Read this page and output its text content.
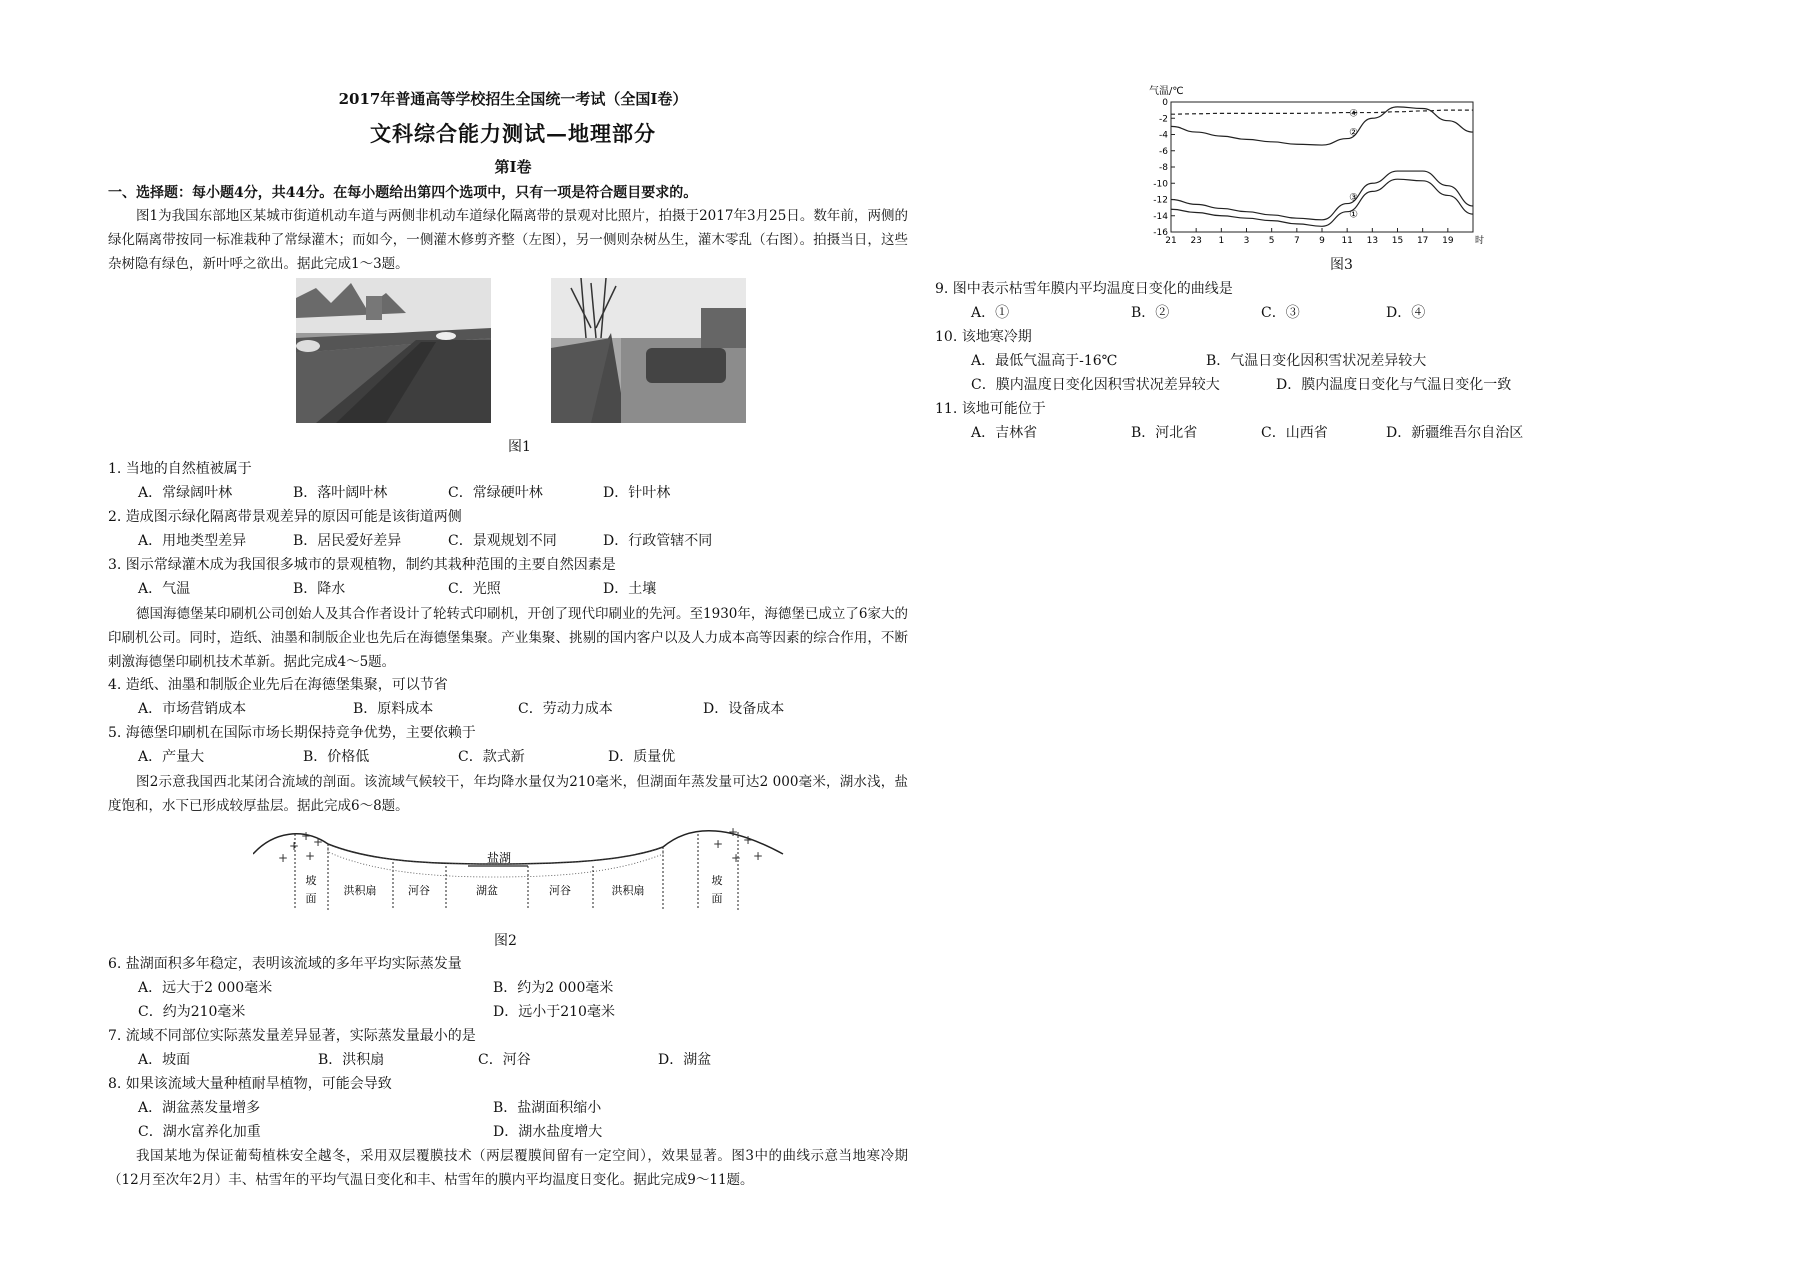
2017年普通高等学校招生全国统一考试（全国Ⅰ卷）
文科综合能力测试—地理部分
第Ⅰ卷
一、选择题：每小题4分，共44分。在每小题给出第四个选项中，只有一项是符合题目要求的。
图1为我国东部地区某城市街道机动车道与两侧非机动车道绿化隔离带的景观对比照片，拍摄于2017年3月25日。数年前，两侧的绿化隔离带按同一标准栽种了常绿灌木；而如今，一侧灌木修剪齐整（左图），另一侧则杂树丛生，灌木零乱（右图）。拍摄当日，这些杂树隐有绿色，新叶呼之欲出。据此完成1～3题。
图1
1. 当地的自然植被属于
A．常绿阔叶林	B．落叶阔叶林	C．常绿硬叶林	D．针叶林
2. 造成图示绿化隔离带景观差异的原因可能是该街道两侧
A．用地类型差异	B．居民爱好差异	C．景观规划不同	D．行政管辖不同
3. 图示常绿灌木成为我国很多城市的景观植物，制约其栽种范围的主要自然因素是
A．气温	B．降水	C．光照	D．土壤
德国海德堡某印刷机公司创始人及其合作者设计了轮转式印刷机，开创了现代印刷业的先河。至1930年，海德堡已成立了6家大的印刷机公司。同时，造纸、油墨和制版企业也先后在海德堡集聚。产业集聚、挑剔的国内客户以及人力成本高等因素的综合作用，不断刺激海德堡印刷机技术革新。据此完成4～5题。
4. 造纸、油墨和制版企业先后在海德堡集聚，可以节省
A．市场营销成本	B．原料成本	C．劳动力成本	D．设备成本
5. 海德堡印刷机在国际市场长期保持竞争优势，主要依赖于
A．产量大	B．价格低	C．款式新	D．质量优
图2示意我国西北某闭合流域的剖面。该流域气候较干，年均降水量仅为210毫米，但湖面年蒸发量可达2 000毫米，湖水浅，盐度饱和，水下已形成较厚盐层。据此完成6～8题。
盐湖
+ +
+
+ +
+
+
+
+
+
坡
面
洪积扇	河谷	湖盆	河谷	洪积扇
坡
面
图2
6. 盐湖面积多年稳定，表明该流域的多年平均实际蒸发量
A．远大于2 000毫米	B．约为2 000毫米
C．约为210毫米	D．远小于210毫米
7. 流域不同部位实际蒸发量差异显著，实际蒸发量最小的是
A．坡面	B．洪积扇	C．河谷	D．湖盆
8. 如果该流域大量种植耐旱植物，可能会导致
A．湖盆蒸发量增多	B．盐湖面积缩小
C．湖水富养化加重	D．湖水盐度增大
我国某地为保证葡萄植株安全越冬，采用双层覆膜技术（两层覆膜间留有一定空间），效果显著。图3中的曲线示意当地寒冷期（12月至次年2月）丰、枯雪年的平均气温日变化和丰、枯雪年的膜内平均温度日变化。据此完成9～11题。
气温/℃
0
-2
-4
-6
-8
-10
-12
-14
-16
21 23 1 3 5 7 9 11 13 15 17 19 时
①
②
③
④
图3
9. 图中表示枯雪年膜内平均温度日变化的曲线是
A．①	B．②	C．③	D．④
10. 该地寒冷期
A．最低气温高于-16℃	B．气温日变化因积雪状况差异较大
C．膜内温度日变化因积雪状况差异较大	D．膜内温度日变化与气温日变化一致
11. 该地可能位于
A．吉林省	B．河北省	C．山西省	D．新疆维吾尔自治区
